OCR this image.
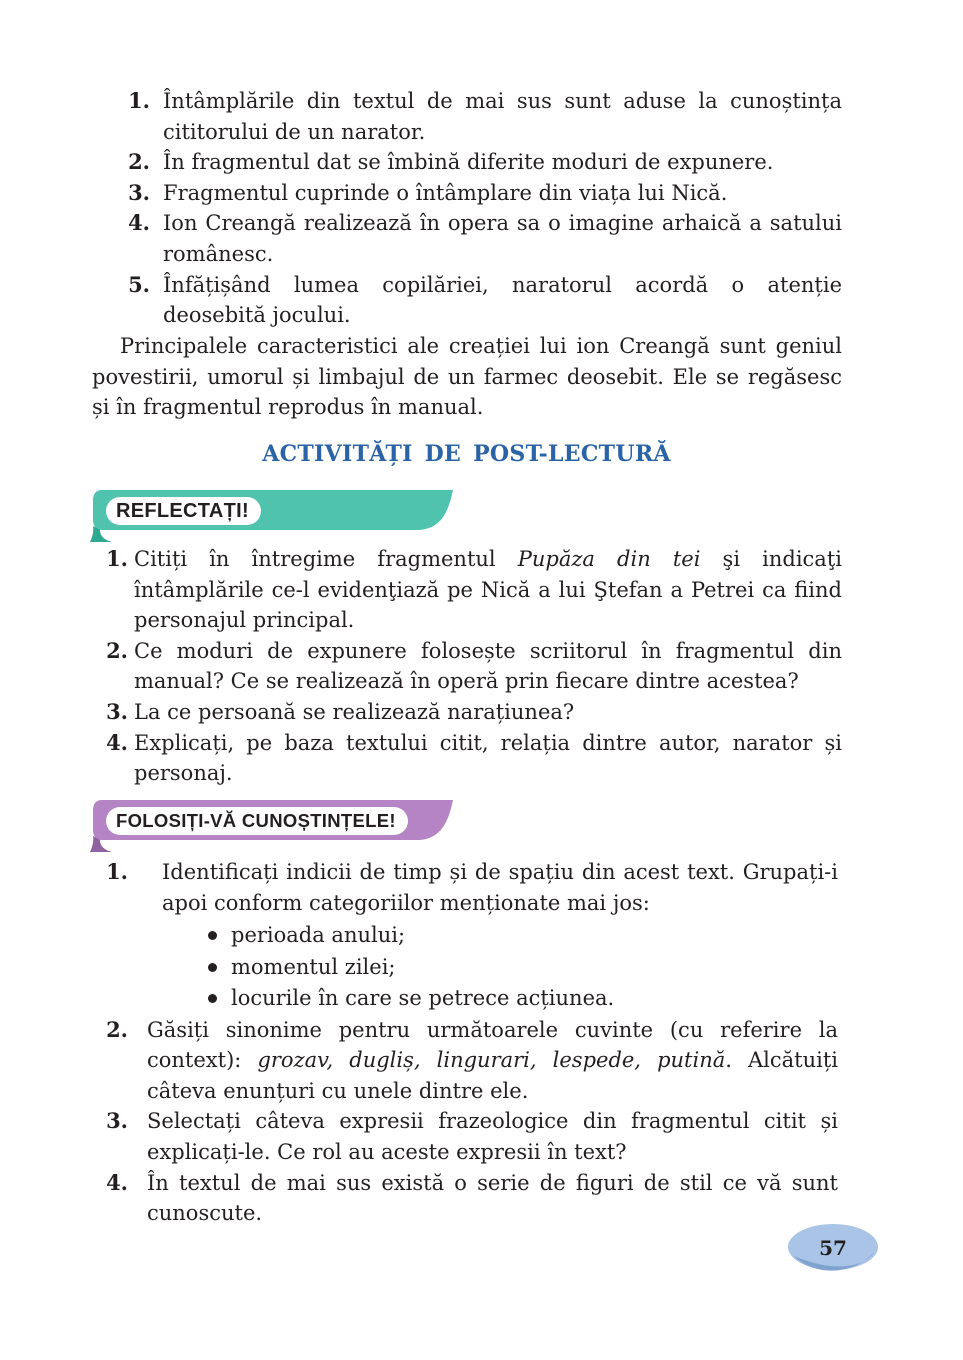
1. Întâmplările din textul de mai sus sunt aduse la cunoștința cititorului de un narator.
2. În fragmentul dat se îmbină diferite moduri de expunere.
3. Fragmentul cuprinde o întâmplare din viața lui Nică.
4. Ion Creangă realizează în opera sa o imagine arhaică a satului românesc.
5. Înfățișând lumea copilăriei, naratorul acordă o atenție deosebită jocului.

Principalele caracteristici ale creației lui ion Creangă sunt geniul povestirii, umorul și limbajul de un farmec deosebit. Ele se regăsesc și în fragmentul reprodus în manual.

ACTIVITĂȚI DE POST-LECTURĂ
REFLECTAȚI!
1. Citiți în întregime fragmentul Pupăza din tei şi indicaţi întâmplările ce-l evidenţiază pe Nică a lui Ştefan a Petrei ca fiind personajul principal.
2. Ce moduri de expunere folosește scriitorul în fragmentul din manual? Ce se realizează în operă prin fiecare dintre acestea?
3. La ce persoană se realizează narațiunea?
4. Explicați, pe baza textului citit, relația dintre autor, narator și personaj.
FOLOSIȚI-VĂ CUNOȘTINȚELE!
1. Identificați indicii de timp și de spațiu din acest text. Grupați-i apoi conform categoriilor menționate mai jos:
perioada anului;
momentul zilei;
locurile în care se petrece acțiunea.
2. Găsiți sinonime pentru următoarele cuvinte (cu referire la context): grozav, dugliș, lingurari, lespede, putină. Alcătuiți câteva enunțuri cu unele dintre ele.
3. Selectați câteva expresii frazeologice din fragmentul citit și explicați-le. Ce rol au aceste expresii în text?
4. În textul de mai sus există o serie de figuri de stil ce vă sunt cunoscute.
57
